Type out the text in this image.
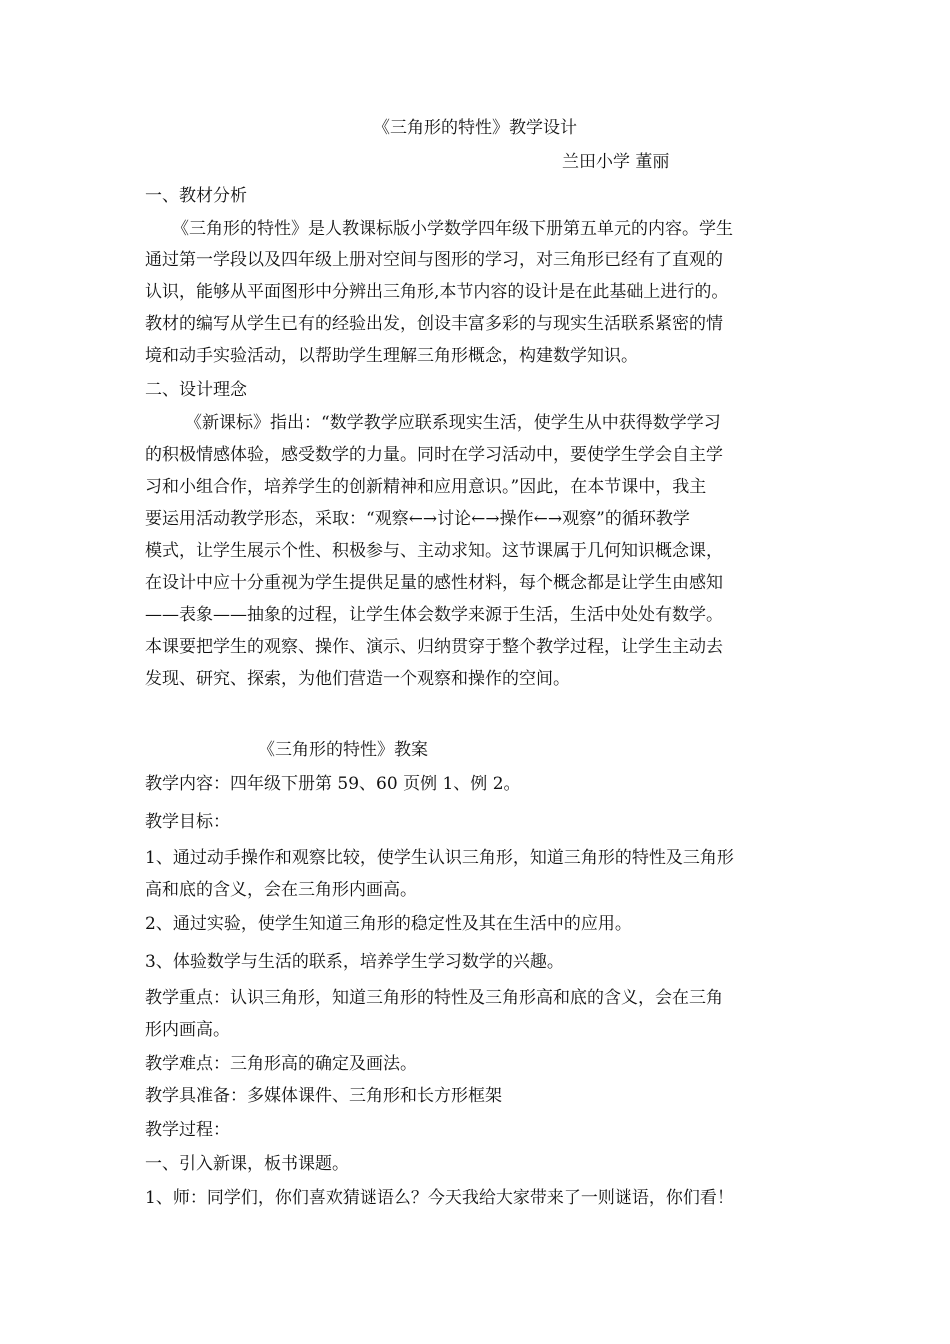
《三角形的特性》教学设计
兰田小学 董丽
一、教材分析
《三角形的特性》是人教课标版小学数学四年级下册第五单元的内容。学生
通过第一学段以及四年级上册对空间与图形的学习，对三角形已经有了直观的
认识，能够从平面图形中分辨出三角形,本节内容的设计是在此基础上进行的。
教材的编写从学生已有的经验出发，创设丰富多彩的与现实生活联系紧密的情
境和动手实验活动，以帮助学生理解三角形概念，构建数学知识。
二、设计理念
《新课标》指出：“数学教学应联系现实生活，使学生从中获得数学学习
的积极情感体验，感受数学的力量。同时在学习活动中，要使学生学会自主学
习和小组合作，培养学生的创新精神和应用意识。”因此，在本节课中，我主
要运用活动教学形态，采取：“观察←→讨论←→操作←→观察”的循环教学
模式，让学生展示个性、积极参与、主动求知。这节课属于几何知识概念课，
在设计中应十分重视为学生提供足量的感性材料，每个概念都是让学生由感知
——表象——抽象的过程，让学生体会数学来源于生活，生活中处处有数学。
本课要把学生的观察、操作、演示、归纳贯穿于整个教学过程，让学生主动去
发现、研究、探索，为他们营造一个观察和操作的空间。
《三角形的特性》教案
教学内容：四年级下册第 59、60 页例 1、例 2。
教学目标：
1、通过动手操作和观察比较，使学生认识三角形，知道三角形的特性及三角形
高和底的含义，会在三角形内画高。
2、通过实验，使学生知道三角形的稳定性及其在生活中的应用。
3、体验数学与生活的联系，培养学生学习数学的兴趣。
教学重点：认识三角形，知道三角形的特性及三角形高和底的含义，会在三角
形内画高。
教学难点：三角形高的确定及画法。
教学具准备：多媒体课件、三角形和长方形框架
教学过程：
一、引入新课，板书课题。
1、师：同学们，你们喜欢猜谜语么？今天我给大家带来了一则谜语，你们看！
